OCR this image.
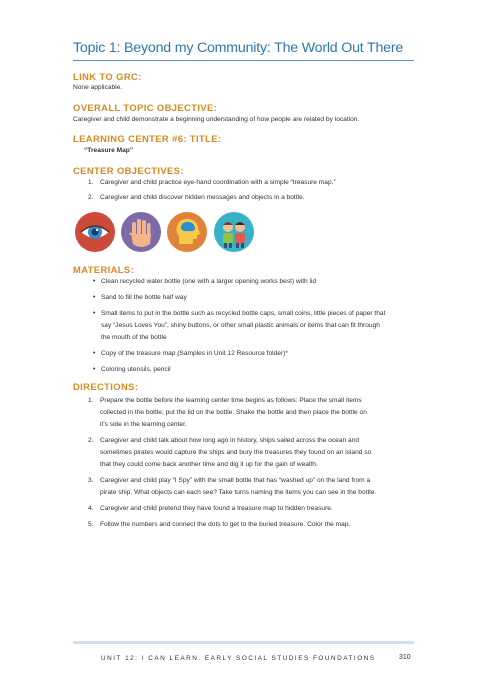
Topic 1: Beyond my Community: The World Out There
LINK TO GRC:
None applicable.
OVERALL TOPIC OBJECTIVE:
Caregiver and child demonstrate a beginning understanding of how people are related by location.
LEARNING CENTER #6: TITLE:
“Treasure Map”
CENTER OBJECTIVES:
1. Caregiver and child practice eye-hand coordination with a simple “treasure map.”
2. Caregiver and child discover hidden messages and objects in a bottle.
MATERIALS:
• Clean recycled water bottle (one with a larger opening works best) with lid
• Sand to fill the bottle half way
• Small items to put in the bottle such as recycled bottle caps, small coins, little pieces of paper that
say “Jesus Loves You”, shiny buttons, or other small plastic animals or items that can fit through
the mouth of the bottle
• Copy of the treasure map (Samples in Unit 12 Resource folder)*
• Coloring utensils, pencil
DIRECTIONS:
1. Prepare the bottle before the learning center time begins as follows: Place the small items
collected in the bottle; put the lid on the bottle. Shake the bottle and then place the bottle on
it’s side in the learning center.
2. Caregiver and child talk about how long ago in history, ships sailed across the ocean and
sometimes pirates would capture the ships and bury the treasures they found on an island so
that they could come back another time and dig it up for the gain of wealth.
3. Caregiver and child play “I Spy” with the small bottle that has “washed up” on the land from a
pirate ship. What objects can each see? Take turns naming the items you can see in the bottle.
4. Caregiver and child pretend they have found a treasure map to hidden treasure.
5. Follow the numbers and connect the dots to get to the buried treasure. Color the map.
UNIT 12: I CAN LEARN. EARLY SOCIAL STUDIES FOUNDATIONS	310
